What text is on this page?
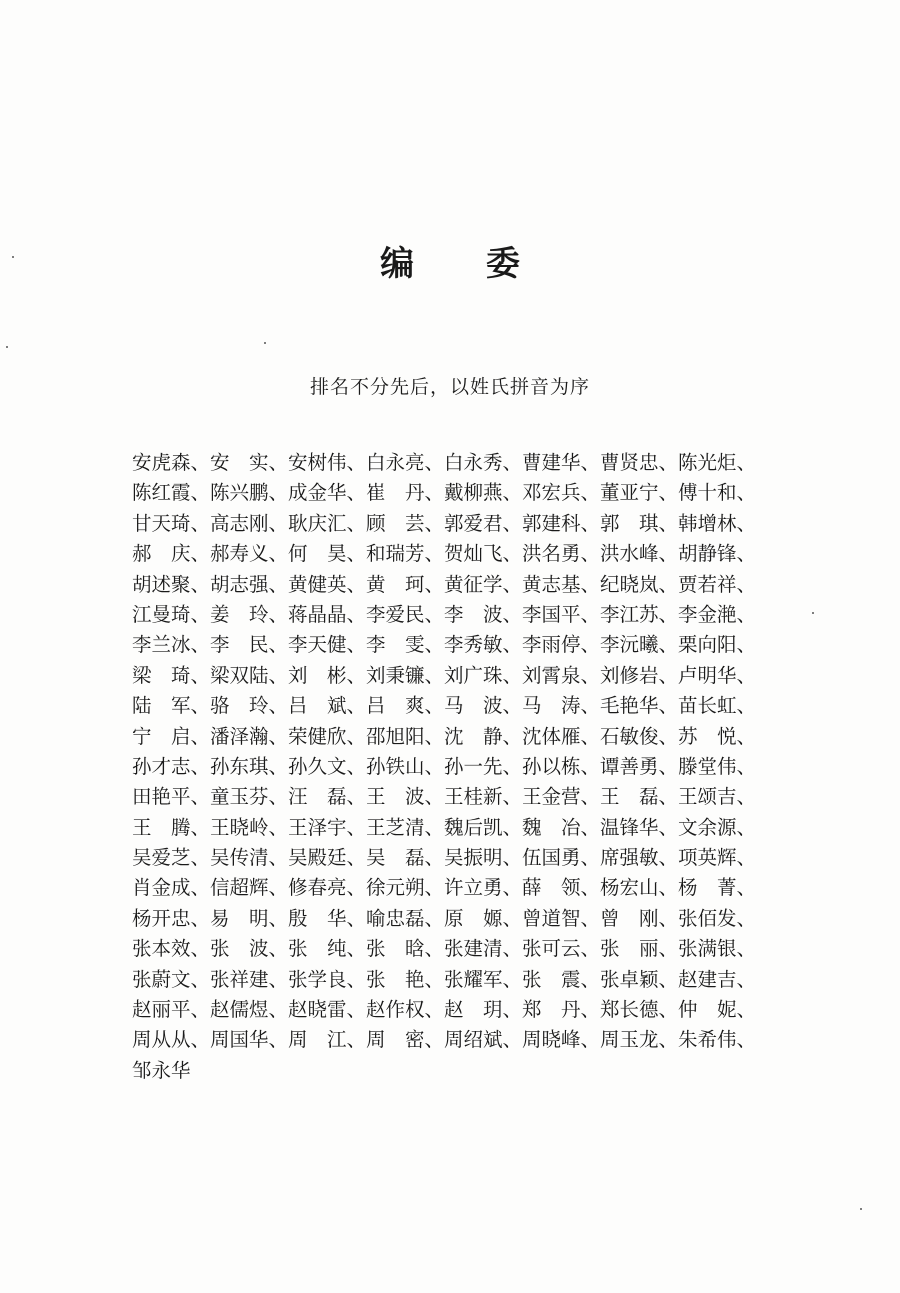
编 委
排名不分先后，以姓氏拼音为序
安虎森、 安　实、 安树伟、 白永亮、 白永秀、 曹建华、 曹贤忠、 陈光炬、
陈红霞、 陈兴鹏、 成金华、 崔　丹、 戴柳燕、 邓宏兵、 董亚宁、 傅十和、
甘天琦、 高志刚、 耿庆汇、 顾　芸、 郭爱君、 郭建科、 郭　琪、 韩增林、
郝　庆、 郝寿义、 何　昊、 和瑞芳、 贺灿飞、 洪名勇、 洪水峰、 胡静锋、
胡述聚、 胡志强、 黄健英、 黄　珂、 黄征学、 黄志基、 纪晓岚、 贾若祥、
江曼琦、 姜　玲、 蒋晶晶、 李爱民、 李　波、 李国平、 李江苏、 李金滟、
李兰冰、 李　民、 李天健、 李　雯、 李秀敏、 李雨停、 李沅曦、 栗向阳、
梁　琦、 梁双陆、 刘　彬、 刘秉镰、 刘广珠、 刘霄泉、 刘修岩、 卢明华、
陆　军、 骆　玲、 吕　斌、 吕　爽、 马　波、 马　涛、 毛艳华、 苗长虹、
宁　启、 潘泽瀚、 荣健欣、 邵旭阳、 沈　静、 沈体雁、 石敏俊、 苏　悦、
孙才志、 孙东琪、 孙久文、 孙铁山、 孙一先、 孙以栋、 谭善勇、 滕堂伟、
田艳平、 童玉芬、 汪　磊、 王　波、 王桂新、 王金营、 王　磊、 王颂吉、
王　腾、 王晓岭、 王泽宇、 王芝清、 魏后凯、 魏　冶、 温锋华、 文余源、
吴爱芝、 吴传清、 吴殿廷、 吴　磊、 吴振明、 伍国勇、 席强敏、 项英辉、
肖金成、 信超辉、 修春亮、 徐元朔、 许立勇、 薛　领、 杨宏山、 杨　菁、
杨开忠、 易　明、 殷　华、 喻忠磊、 原　嫄、 曾道智、 曾　刚、 张佰发、
张本效、 张　波、 张　纯、 张　晗、 张建清、 张可云、 张　丽、 张满银、
张蔚文、 张祥建、 张学良、 张　艳、 张耀军、 张　震、 张卓颖、 赵建吉、
赵丽平、 赵儒煜、 赵晓雷、 赵作权、 赵　玥、 郑　丹、 郑长德、 仲　妮、
周从从、 周国华、 周　江、 周　密、 周绍斌、 周晓峰、 周玉龙、 朱希伟、
邹永华
